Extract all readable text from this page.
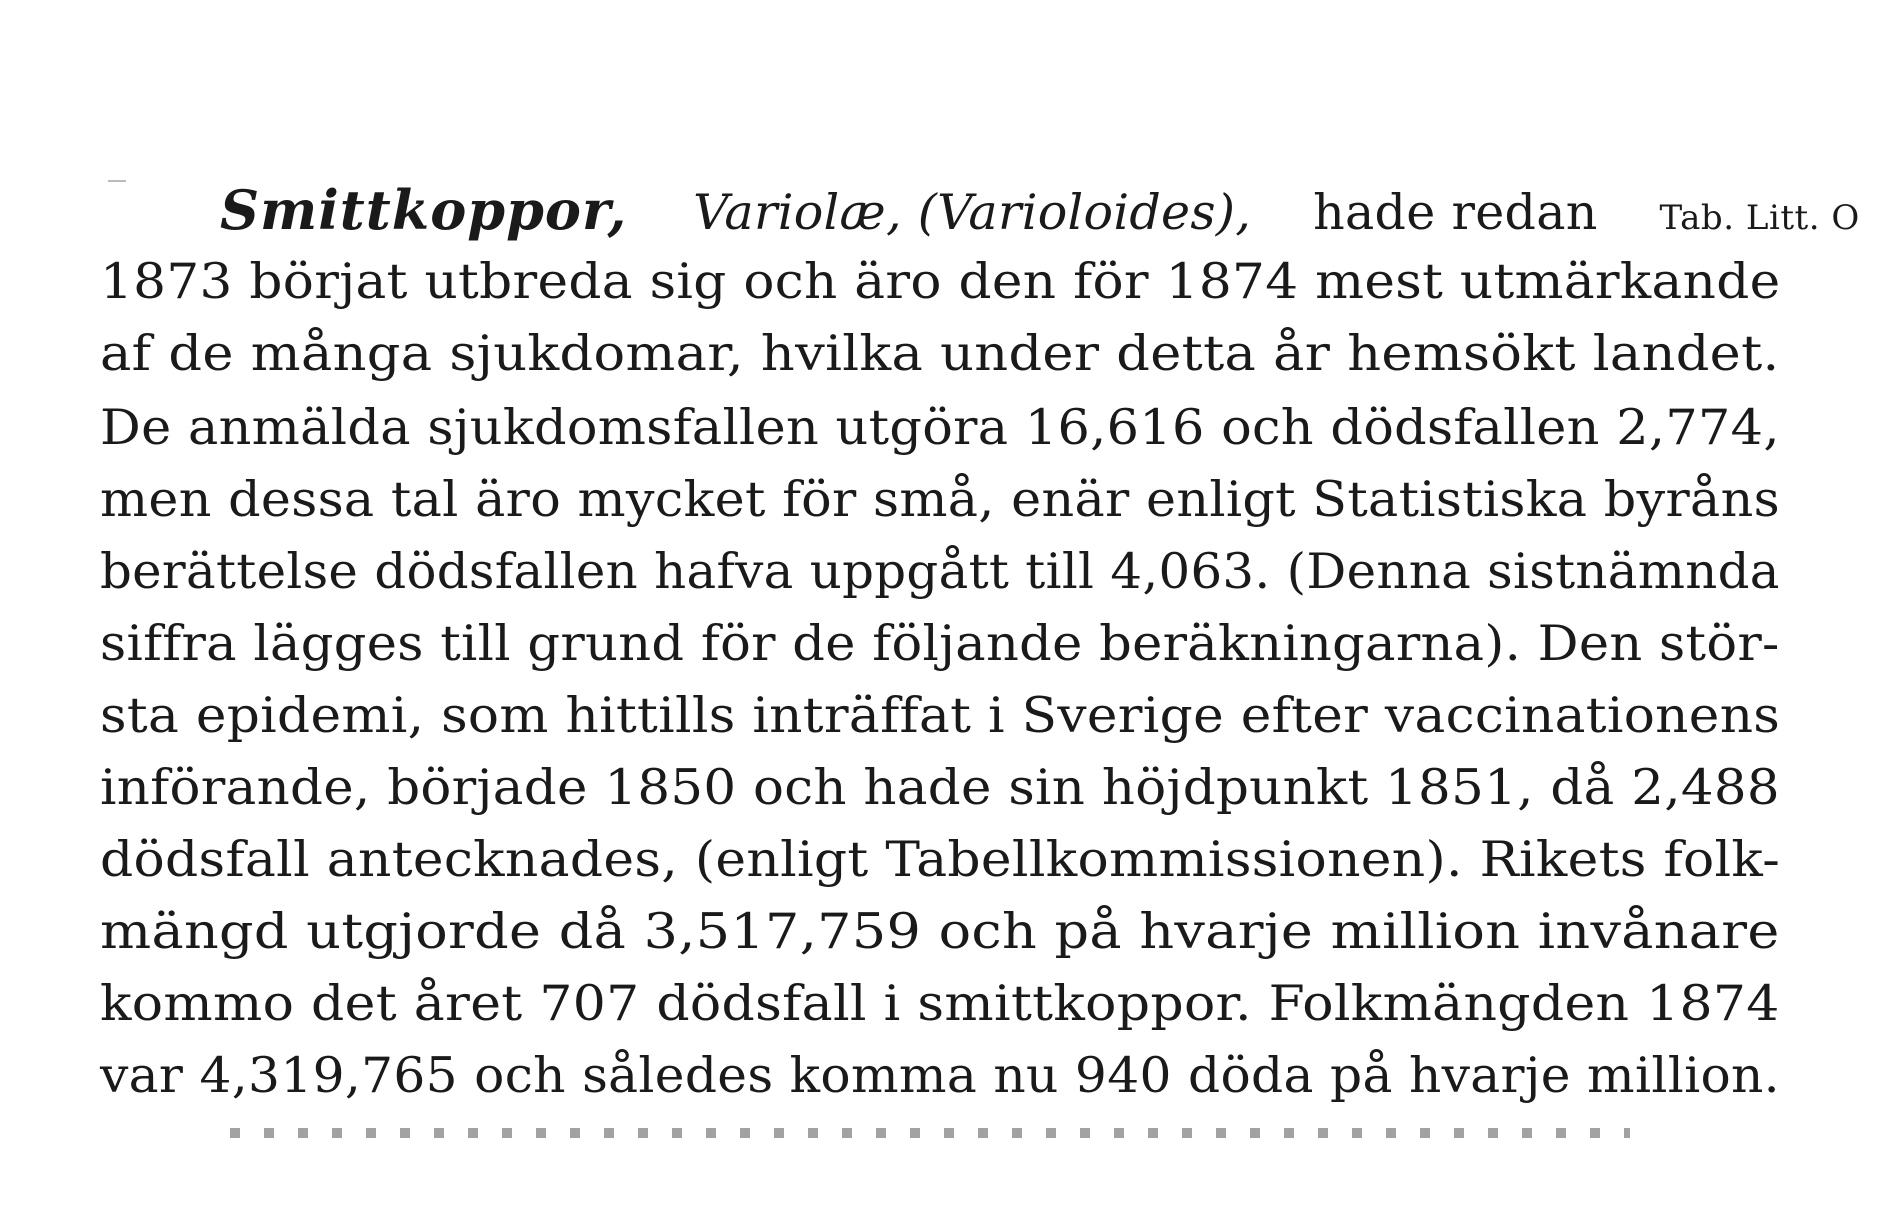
Smittkoppor, Variolæ, (Varioloides), hade redan Tab. Litt. O
1873 börjat utbreda sig och äro den för 1874 mest utmärkande
af de många sjukdomar, hvilka under detta år hemsökt landet.
De anmälda sjukdomsfallen utgöra 16,616 och dödsfallen 2,774,
men dessa tal äro mycket för små, enär enligt Statistiska byråns
berättelse dödsfallen hafva uppgått till 4,063. (Denna sistnämnda
siffra lägges till grund för de följande beräkningarna). Den stör-
sta epidemi, som hittills inträffat i Sverige efter vaccinationens
införande, började 1850 och hade sin höjdpunkt 1851, då 2,488
dödsfall antecknades, (enligt Tabellkommissionen). Rikets folk-
mängd utgjorde då 3,517,759 och på hvarje million invånare
kommo det året 707 dödsfall i smittkoppor. Folkmängden 1874
var 4,319,765 och således komma nu 940 döda på hvarje million.
